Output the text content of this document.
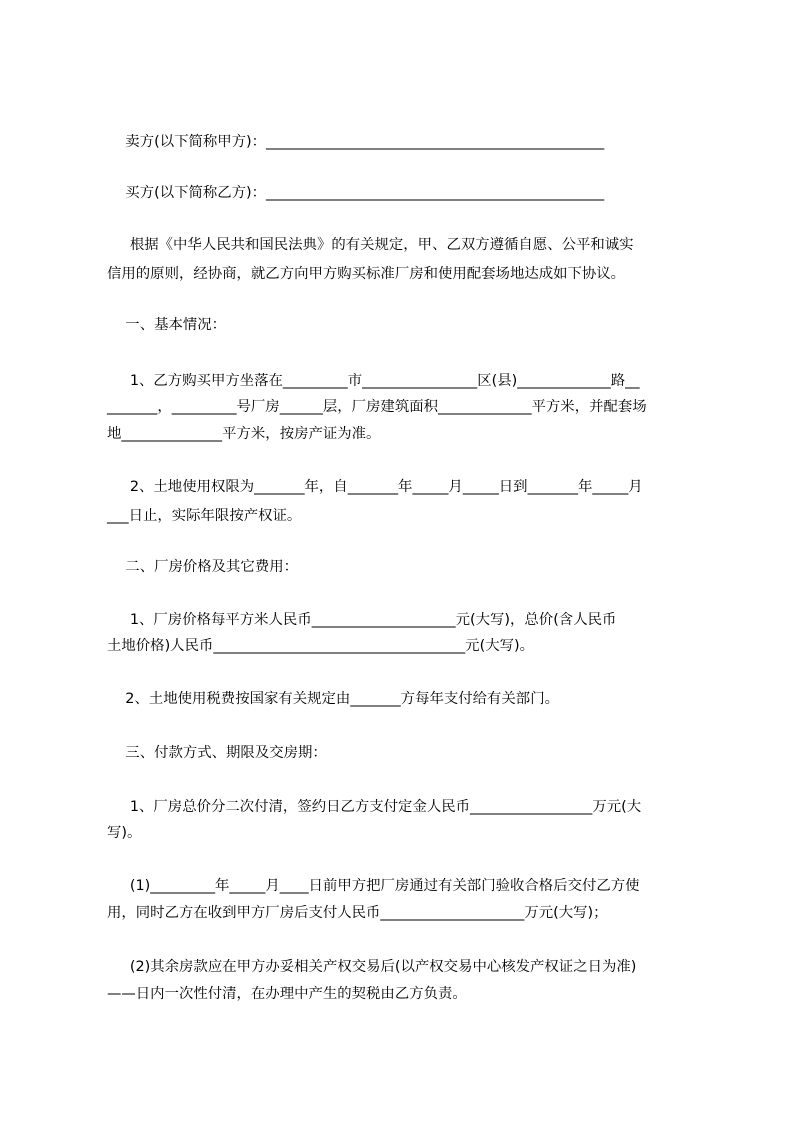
卖方(以下简称甲方)：_______________________________________________
买方(以下简称乙方)：_______________________________________________
根据《中华人民共和国民法典》的有关规定，甲、乙双方遵循自愿、公平和诚实
信用的原则，经协商，就乙方向甲方购买标准厂房和使用配套场地达成如下协议。
一、基本情况：
1、乙方购买甲方坐落在_________市________________区(县)_____________路__
_______，_________号厂房______层，厂房建筑面积_____________平方米，并配套场
地______________平方米，按房产证为准。
2、土地使用权限为_______年，自_______年_____月_____日到_______年_____月
___日止，实际年限按产权证。
二、厂房价格及其它费用：
1、厂房价格每平方米人民币____________________元(大写)，总价(含人民币
土地价格)人民币___________________________________元(大写)。
2、土地使用税费按国家有关规定由_______方每年支付给有关部门。
三、付款方式、期限及交房期：
1、厂房总价分二次付清，签约日乙方支付定金人民币_________________万元(大
写)。
(1)_________年_____月____日前甲方把厂房通过有关部门验收合格后交付乙方使
用，同时乙方在收到甲方厂房后支付人民币____________________万元(大写)；
(2)其余房款应在甲方办妥相关产权交易后(以产权交易中心核发产权证之日为准)
——日内一次性付清，在办理中产生的契税由乙方负责。
